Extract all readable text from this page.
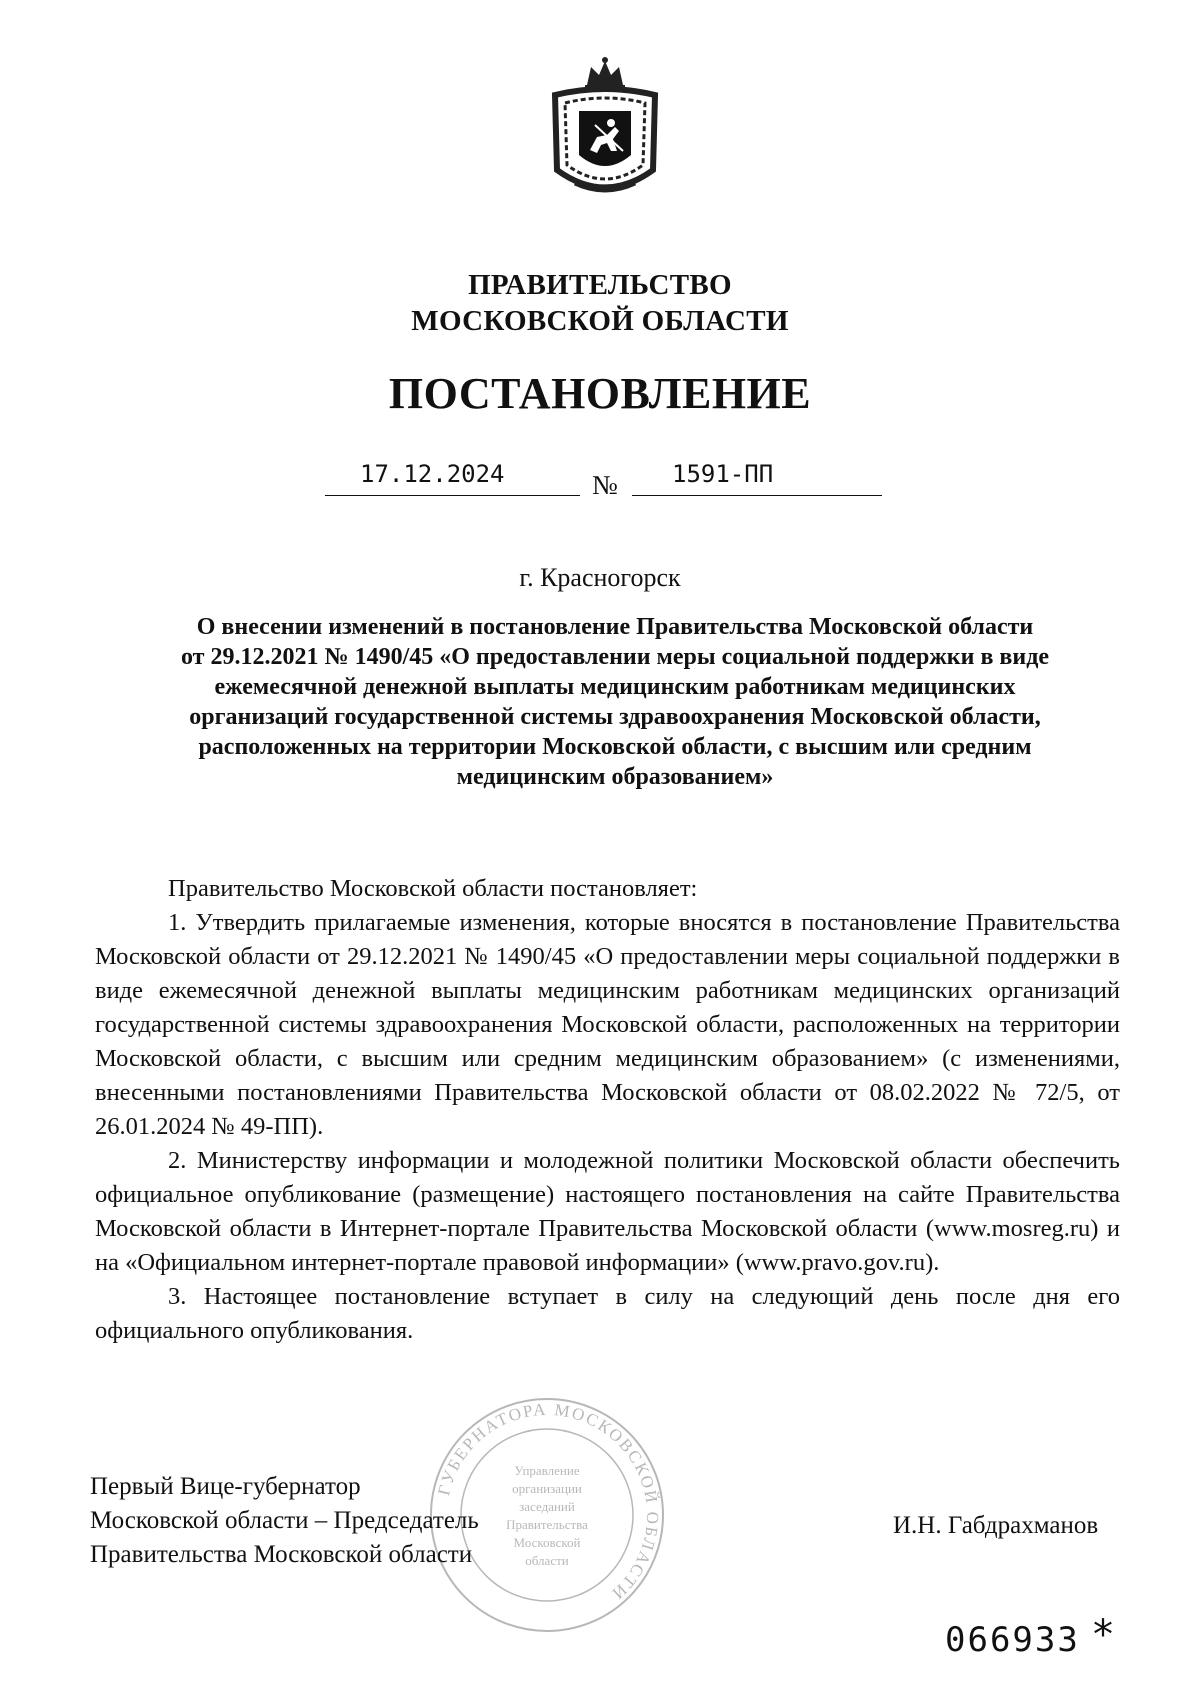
ПРАВИТЕЛЬСТВО
МОСКОВСКОЙ ОБЛАСТИ
ПОСТАНОВЛЕНИЕ
17.12.2024	№ 1591-ПП
г. Красногорск
О внесении изменений в постановление Правительства Московской области
от 29.12.2021 № 1490/45 «О предоставлении меры социальной поддержки в виде
ежемесячной денежной выплаты медицинским работникам медицинских
организаций государственной системы здравоохранения Московской области,
расположенных на территории Московской области, с высшим или средним
медицинским образованием»

Правительство Московской области постановляет:

1. Утвердить прилагаемые изменения, которые вносятся в постановление Правительства Московской области от 29.12.2021 № 1490/45 «О предоставлении меры социальной поддержки в виде ежемесячной денежной выплаты медицинским работникам медицинских организаций государственной системы здравоохранения Московской области, расположенных на территории Московской области, с высшим или средним медицинским образованием» (с изменениями, внесенными постановлениями Правительства Московской области от 08.02.2022 № 72/5, от 26.01.2024 № 49-ПП).

2. Министерству информации и молодежной политики Московской области обеспечить официальное опубликование (размещение) настоящего постановления на сайте Правительства Московской области в Интернет-портале Правительства Московской области (www.mosreg.ru) и на «Официальном интернет-портале правовой информации» (www.pravo.gov.ru).

3. Настоящее постановление вступает в силу на следующий день после дня его официального опубликования.

Первый Вице-губернатор
Московской области – Председатель
Правительства Московской области
И.Н. Габдрахманов
ГУБЕРНАТОРА МОСКОВСКОЙ ОБЛАСТИ
Управление
организации
заседаний
Правительства
Московской
области
066933 *
